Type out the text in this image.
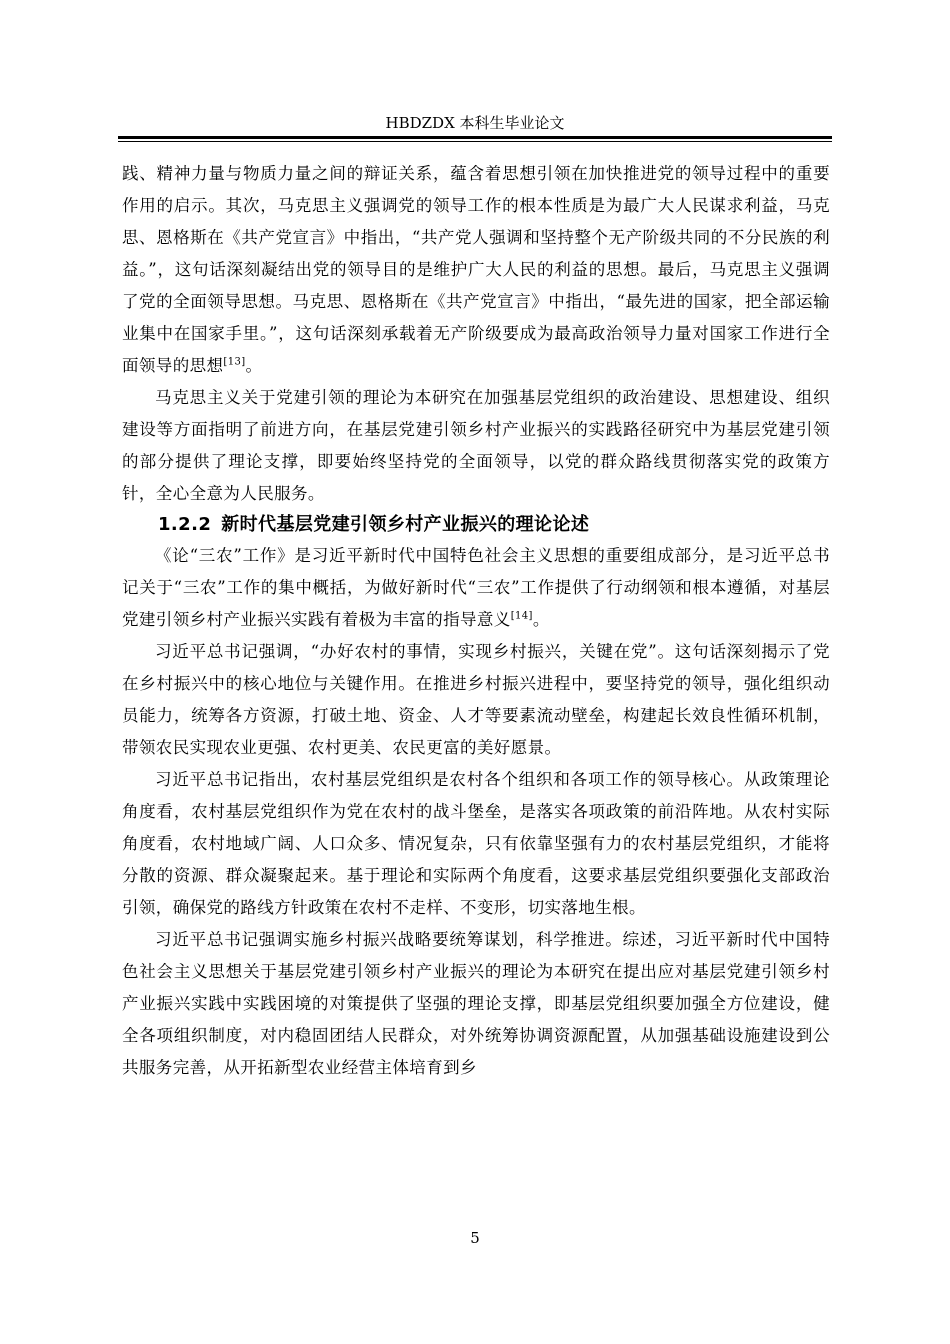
HBDZDX 本科生毕业论文

践、精神力量与物质力量之间的辩证关系，蕴含着思想引领在加快推进党的领导过程中的重要作用的启示。其次，马克思主义强调党的领导工作的根本性质是为最广大人民谋求利益，马克思、恩格斯在《共产党宣言》中指出，“共产党人强调和坚持整个无产阶级共同的不分民族的利益。”，这句话深刻凝结出党的领导目的是维护广大人民的利益的思想。最后，马克思主义强调了党的全面领导思想。马克思、恩格斯在《共产党宣言》中指出，“最先进的国家，把全部运输业集中在国家手里。”，这句话深刻承载着无产阶级要成为最高政治领导力量对国家工作进行全面领导的思想[13]。

马克思主义关于党建引领的理论为本研究在加强基层党组织的政治建设、思想建设、组织建设等方面指明了前进方向，在基层党建引领乡村产业振兴的实践路径研究中为基层党建引领的部分提供了理论支撑，即要始终坚持党的全面领导，以党的群众路线贯彻落实党的政策方针，全心全意为人民服务。

1.2.2 新时代基层党建引领乡村产业振兴的理论论述

《论“三农”工作》是习近平新时代中国特色社会主义思想的重要组成部分，是习近平总书记关于“三农”工作的集中概括，为做好新时代“三农”工作提供了行动纲领和根本遵循，对基层党建引领乡村产业振兴实践有着极为丰富的指导意义[14]。

习近平总书记强调，“办好农村的事情，实现乡村振兴，关键在党”。这句话深刻揭示了党在乡村振兴中的核心地位与关键作用。在推进乡村振兴进程中，要坚持党的领导，强化组织动员能力，统筹各方资源，打破土地、资金、人才等要素流动壁垒，构建起长效良性循环机制，带领农民实现农业更强、农村更美、农民更富的美好愿景。

习近平总书记指出，农村基层党组织是农村各个组织和各项工作的领导核心。从政策理论角度看，农村基层党组织作为党在农村的战斗堡垒，是落实各项政策的前沿阵地。从农村实际角度看，农村地域广阔、人口众多、情况复杂，只有依靠坚强有力的农村基层党组织，才能将分散的资源、群众凝聚起来。基于理论和实际两个角度看，这要求基层党组织要强化支部政治引领，确保党的路线方针政策在农村不走样、不变形，切实落地生根。

习近平总书记强调实施乡村振兴战略要统筹谋划，科学推进。综述，习近平新时代中国特色社会主义思想关于基层党建引领乡村产业振兴的理论为本研究在提出应对基层党建引领乡村产业振兴实践中实践困境的对策提供了坚强的理论支撑，即基层党组织要加强全方位建设，健全各项组织制度，对内稳固团结人民群众，对外统筹协调资源配置，从加强基础设施建设到公共服务完善，从开拓新型农业经营主体培育到乡

5
